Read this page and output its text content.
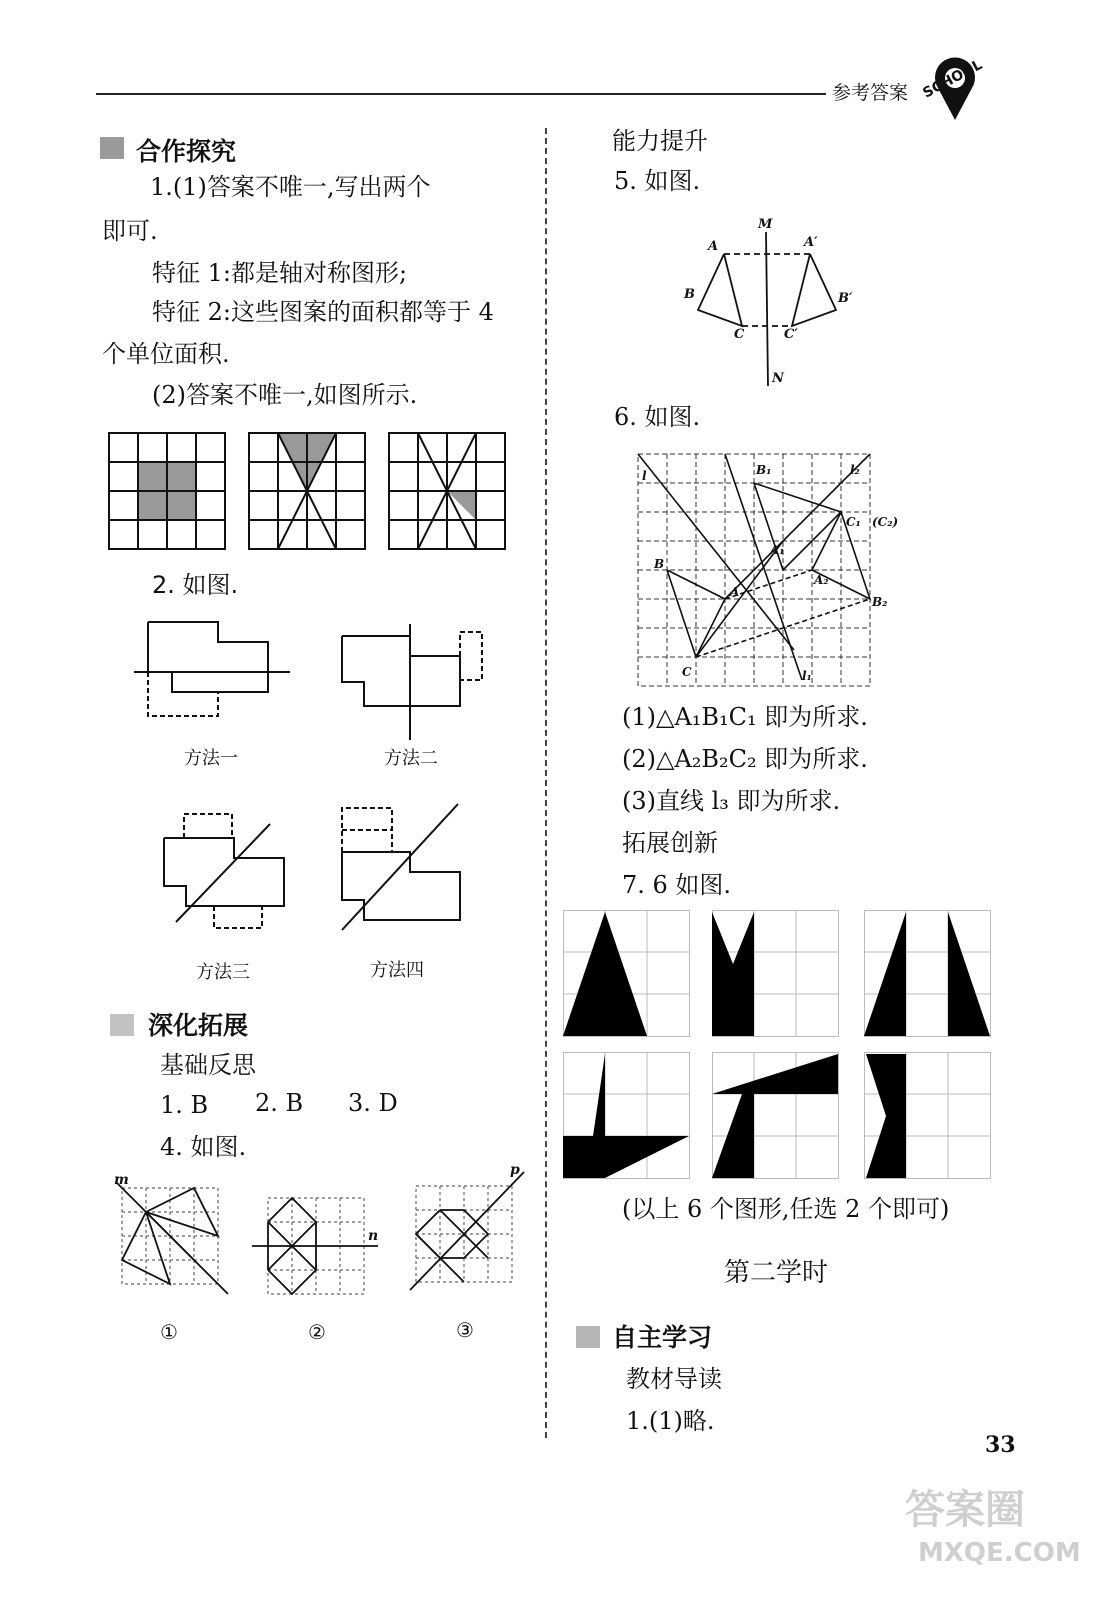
参考答案 SCHOOL
合作探究
1.(1)答案不唯一,写出两个
即可.
特征 1:都是轴对称图形;
特征 2:这些图案的面积都等于 4
个单位面积.
(2)答案不唯一,如图所示.
2. 如图.
方法一	方法二
方法三	方法四
深化拓展
基础反思
1. B 2. B 3. D
4. 如图.
m
n
p
①	②	③
能力提升
5. 如图.
M
N
A
B
C
A′
B′
C′
6. 如图.
l	B₁	l₂
C₁ (C₂)
A₁
B
A₂
A
B₂
C	l₁
(1)△A₁B₁C₁ 即为所求.
(2)△A₂B₂C₂ 即为所求.
(3)直线 l₃ 即为所求.
拓展创新
7. 6 如图.
(以上 6 个图形,任选 2 个即可)
第二学时
自主学习
教材导读
1.(1)略.
33
答案圈
MXQE.COM
